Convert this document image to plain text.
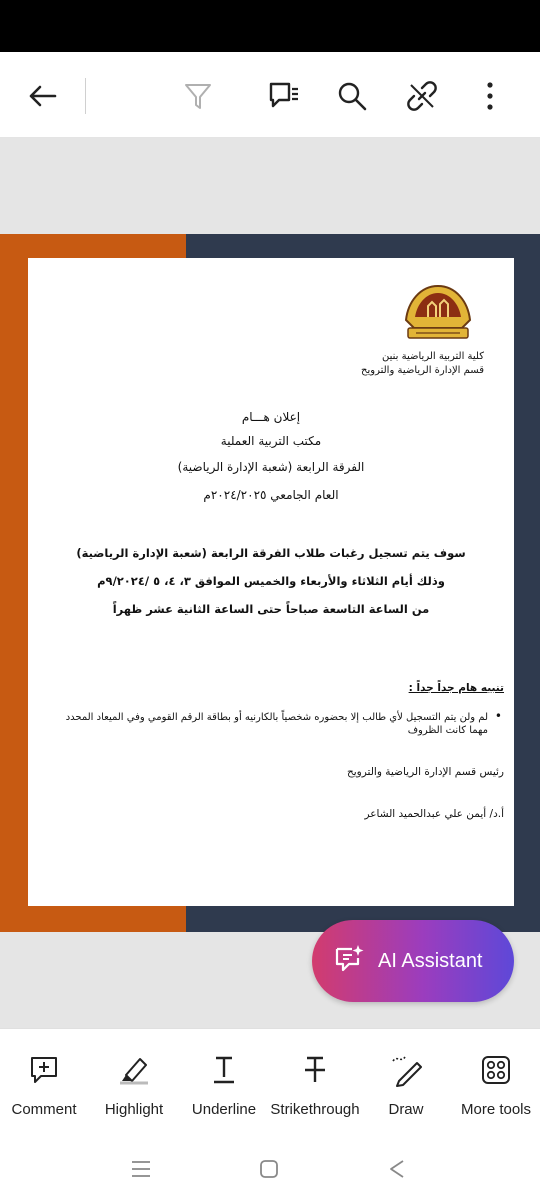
كلية التربية الرياضية بنين
قسم الإدارة الرياضية والترويح
إعلان هـــام
مكتب التربية العملية
الفرقة الرابعة (شعبة الإدارة الرياضية)
العام الجامعي ٢٠٢٤/٢٠٢٥م
سوف يتم تسجيل رغبات طلاب الفرقة الرابعة (شعبة الإدارة الرياضية)
وذلك أيام الثلاثاء والأربعاء والخميس الموافق ٣، ٤، ٥ /٩/٢٠٢٤م
من الساعة التاسعة صباحاً حتى الساعة الثانية عشر ظهراً
تنبيه هام جداً جداً :
• لم ولن يتم التسجيل لأي طالب إلا بحضوره شخصياً بالكارنيه أو بطاقة الرقم القومي وفي الميعاد المحدد مهما كانت الظروف
رئيس قسم الإدارة الرياضية والترويح
أ.د/ أيمن علي عبدالحميد الشاعر
AI Assistant
Comment Highlight Underline Strikethrough Draw More tools
